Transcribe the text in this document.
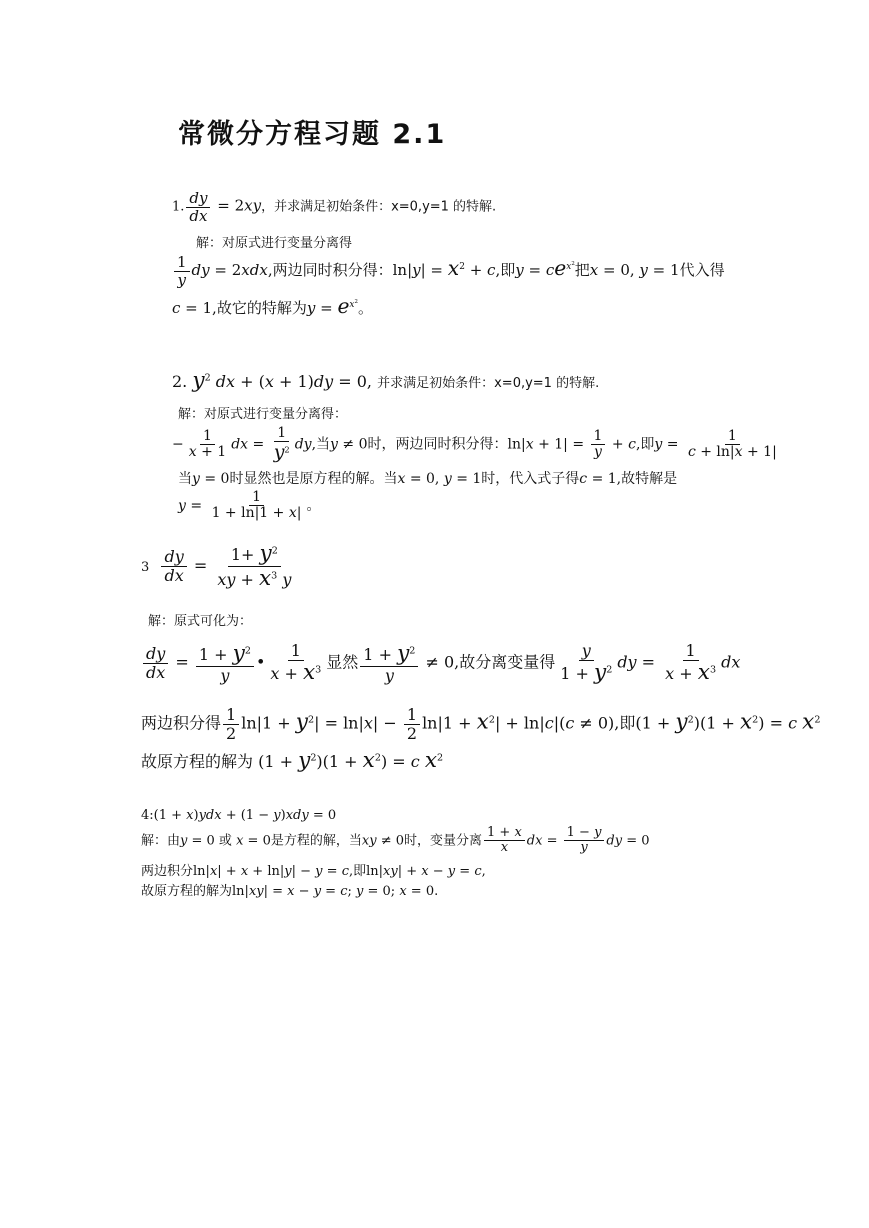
常微分方程习题 2.1
1. $\frac{dy}{dx} = 2xy$，并求满足初始条件：x=0,y=1 的特解.
解：对原式进行变量分离得
$\frac{1}{y}$ dy = 2xdx,两边同时积分得：$\ln|y| = x^2 + c$,即$y = ce^{x^2}$把x = 0, y = 1代入得
c = 1,故它的特解为$y = e^{x^2}$。
2. $y^2$ dx + (x + 1)dy = 0, 并求满足初始条件：x=0,y=1 的特解.
解：对原式进行变量分离得：
− $\frac{1}{x + 1}$ dx = $\frac{1}{y^2}$ dy,当y ≠ 0时，两边同时积分得：$\ln|x + 1| = \frac{1}{y} + c$,即$y = \frac{1}{c + \ln|x + 1|}$
当y = 0时显然也是原方程的解。当x = 0, y = 1时，代入式子得c = 1,故特解是
$y = \frac{1}{1 + \ln|1 + x|}$ 。
$3 \frac{dy}{dx} = \frac{1+ y^2}{xy + x^3 y}$
解：原式可化为：
$\frac{dy}{dx} = \frac{1 + y^2}{y}$ • $\frac{1}{x + x^3}$ 显然 $\frac{1 + y^2}{y} \ne 0$,故分离变量得 $\frac{y}{1 + y^2}$ dy = $\frac{1}{x + x^3}$ dx
两边积分得 $\frac{1}{2} \ln|1 + y^2| = \ln|x| - \frac{1}{2} \ln|1 + x^2| + \ln|c|(c \ne 0)$,即$(1 + y^2)(1 + x^2) = c$ $x^2$
故原方程的解为 $(1 + y^2)(1 + x^2) = c$ $x^2$
4:(1 + x)ydx + (1 − y)xdy = 0
解：由y = 0 或 x = 0是方程的解，当xy ≠ 0时，变量分离 $\frac{1 + x}{x}$ dx = $\frac{1 - y}{y}$ dy = 0
两边积分ln|x| + x + ln|y| − y = c,即ln|xy| + x − y = c,
故原方程的解为ln|xy| = x − y = c; y = 0; x = 0.
